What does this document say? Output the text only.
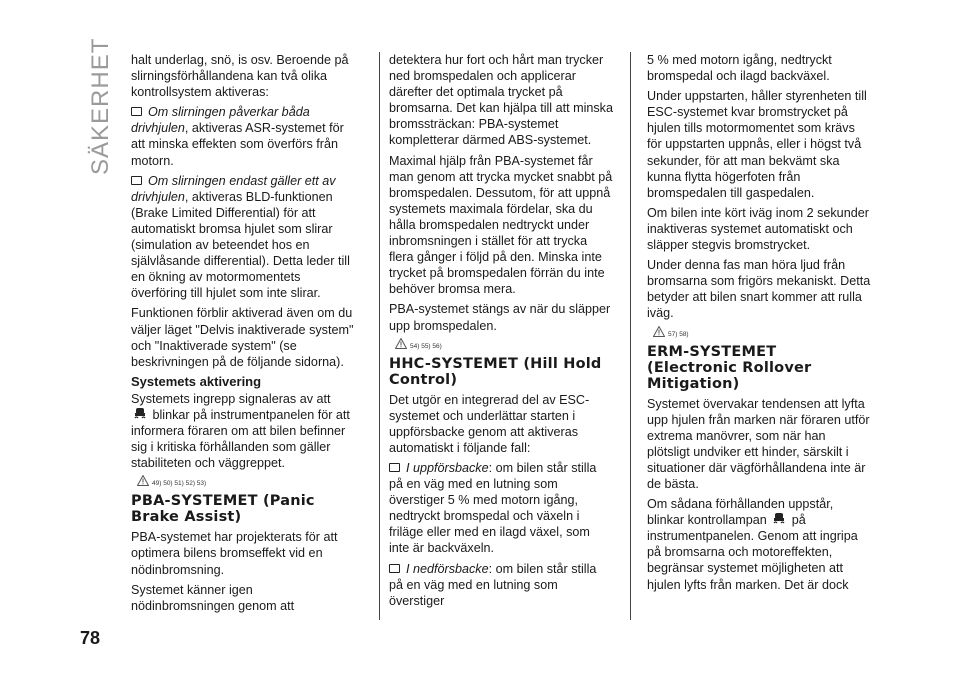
SÄKERHET
78

halt underlag, snö, is osv. Beroende på slirningsförhållandena kan två olika kontrollsystem aktiveras:

Om slirningen påverkar båda drivhjulen, aktiveras ASR-systemet för att minska effekten som överförs från motorn.

Om slirningen endast gäller ett av drivhjulen, aktiveras BLD-funktionen (Brake Limited Differential) för att automatiskt bromsa hjulet som slirar (simulation av beteendet hos en självlåsande differential). Detta leder till en ökning av motormomentets överföring till hjulet som inte slirar.

Funktionen förblir aktiverad även om du väljer läget "Delvis inaktiverade system" och "Inaktiverade system" (se beskrivningen på de följande sidorna).

Systemets aktivering

Systemets ingrepp signaleras av att
blinkar på instrumentpanelen för att informera föraren om att bilen befinner sig i kritiska förhållanden som gäller stabiliteten och väggreppet.

49) 50) 51) 52) 53)
PBA-SYSTEMET (Panic Brake Assist)

PBA-systemet har projekterats för att optimera bilens bromseffekt vid en nödinbromsning.

Systemet känner igen nödinbromsningen genom att

detektera hur fort och hårt man trycker ned bromspedalen och applicerar därefter det optimala trycket på bromsarna. Det kan hjälpa till att minska bromssträckan: PBA-systemet kompletterar därmed ABS-systemet.

Maximal hjälp från PBA-systemet får man genom att trycka mycket snabbt på bromspedalen. Dessutom, för att uppnå systemets maximala fördelar, ska du hålla bromspedalen nedtryckt under inbromsningen i stället för att trycka flera gånger i följd på den. Minska inte trycket på bromspedalen förrän du inte behöver bromsa mera.

PBA-systemet stängs av när du släpper upp bromspedalen.

54) 55) 56)
HHC-SYSTEMET (Hill Hold Control)

Det utgör en integrerad del av ESC-systemet och underlättar starten i uppförsbacke genom att aktiveras automatiskt i följande fall:

I uppförsbacke: om bilen står stilla på en väg med en lutning som överstiger 5 % med motorn igång, nedtryckt bromspedal och växeln i friläge eller med en ilagd växel, som inte är backväxeln.

I nedförsbacke: om bilen står stilla på en väg med en lutning som överstiger

5 % med motorn igång, nedtryckt bromspedal och ilagd backväxel.

Under uppstarten, håller styrenheten till ESC-systemet kvar bromstrycket på hjulen tills motormomentet som krävs för uppstarten uppnås, eller i högst två sekunder, för att man bekvämt ska kunna flytta högerfoten från bromspedalen till gaspedalen.

Om bilen inte kört iväg inom 2 sekunder inaktiveras systemet automatiskt och släpper stegvis bromstrycket.

Under denna fas man höra ljud från bromsarna som frigörs mekaniskt. Detta betyder att bilen snart kommer att rulla iväg.

57) 58)
ERM-SYSTEMET (Electronic Rollover Mitigation)

Systemet övervakar tendensen att lyfta upp hjulen från marken när föraren utför extrema manövrer, som när han plötsligt undviker ett hinder, särskilt i situationer där vägförhållandena inte är de bästa.

Om sådana förhållanden uppstår, blinkar kontrollampan på instrumentpanelen. Genom att ingripa på bromsarna och motoreffekten, begränsar systemet möjligheten att hjulen lyfts från marken. Det är dock
